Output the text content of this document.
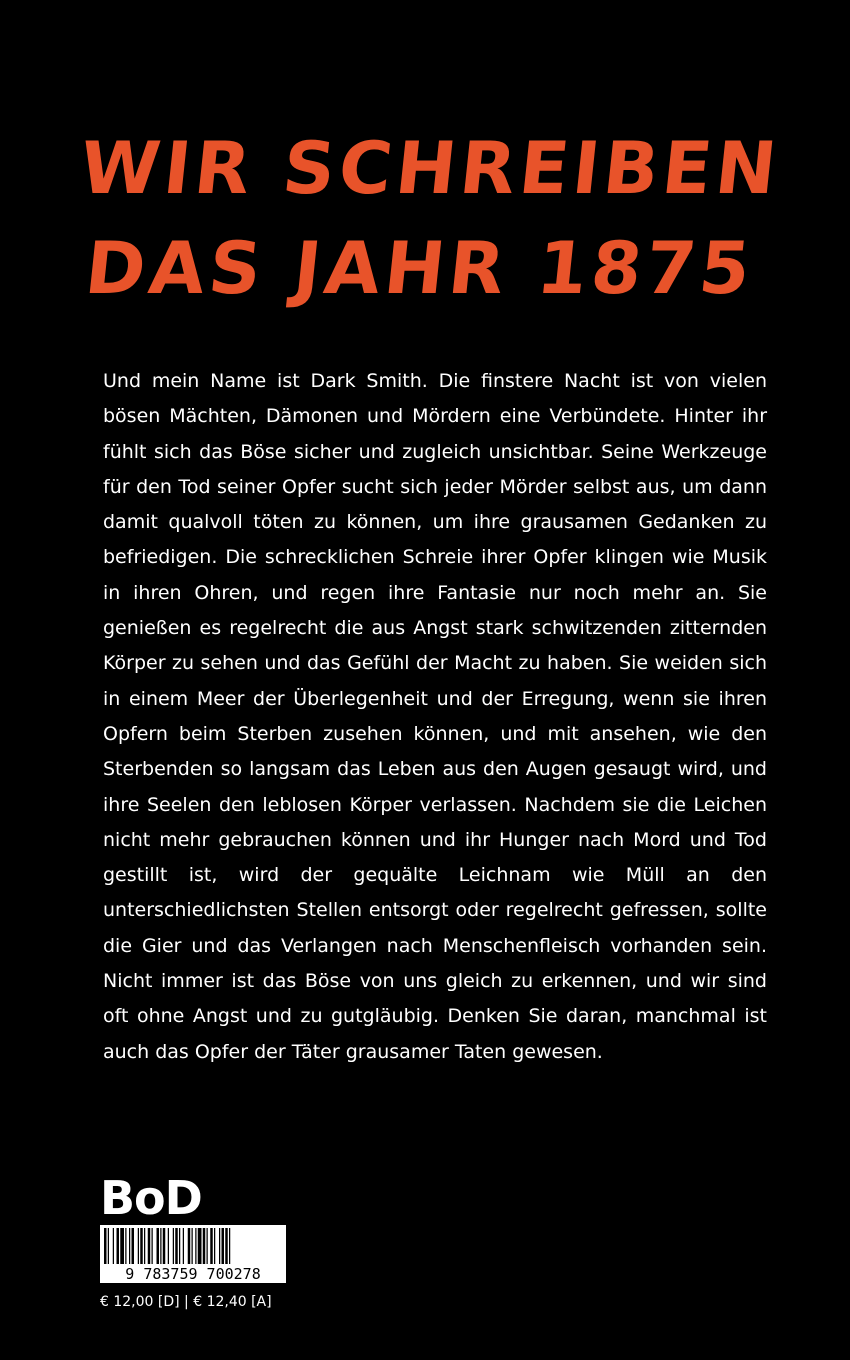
WIR SCHREIBEN
DAS JAHR 1875

Und mein Name ist Dark Smith. Die finstere Nacht ist von vielen bösen Mächten, Dämonen und Mördern eine Verbündete. Hinter ihr fühlt sich das Böse sicher und zugleich unsichtbar. Seine Werkzeuge für den Tod seiner Opfer sucht sich jeder Mörder selbst aus, um dann damit qualvoll töten zu können, um ihre grausamen Gedanken zu befriedigen. Die schrecklichen Schreie ihrer Opfer klingen wie Musik in ihren Ohren, und regen ihre Fantasie nur noch mehr an. Sie genießen es regelrecht die aus Angst stark schwitzenden zitternden Körper zu sehen und das Gefühl der Macht zu haben. Sie weiden sich in einem Meer der Überlegenheit und der Erregung, wenn sie ihren Opfern beim Sterben zusehen können, und mit ansehen, wie den Sterbenden so langsam das Leben aus den Augen gesaugt wird, und ihre Seelen den leblosen Körper verlassen. Nachdem sie die Leichen nicht mehr gebrauchen können und ihr Hunger nach Mord und Tod gestillt ist, wird der gequälte Leichnam wie Müll an den unterschiedlichsten Stellen entsorgt oder regelrecht gefressen, sollte die Gier und das Verlangen nach Menschenfleisch vorhanden sein. Nicht immer ist das Böse von uns gleich zu erkennen, und wir sind oft ohne Angst und zu gutgläubig. Denken Sie daran, manchmal ist auch das Opfer der Täter grausamer Taten gewesen.

BoD
9 783759 700278
€ 12,00 [D] | € 12,40 [A]
